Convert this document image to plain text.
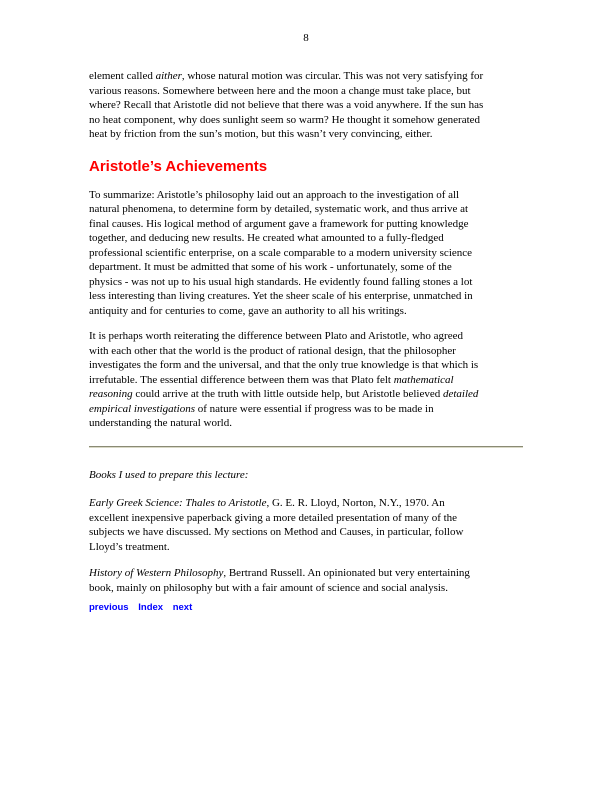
8
element called aither, whose natural motion was circular. This was not very satisfying for
various reasons. Somewhere between here and the moon a change must take place, but
where? Recall that Aristotle did not believe that there was a void anywhere. If the sun has
no heat component, why does sunlight seem so warm? He thought it somehow generated
heat by friction from the sun’s motion, but this wasn’t very convincing, either.
Aristotle’s Achievements
To summarize: Aristotle’s philosophy laid out an approach to the investigation of all
natural phenomena, to determine form by detailed, systematic work, and thus arrive at
final causes. His logical method of argument gave a framework for putting knowledge
together, and deducing new results. He created what amounted to a fully-fledged
professional scientific enterprise, on a scale comparable to a modern university science
department. It must be admitted that some of his work - unfortunately, some of the
physics - was not up to his usual high standards. He evidently found falling stones a lot
less interesting than living creatures. Yet the sheer scale of his enterprise, unmatched in
antiquity and for centuries to come, gave an authority to all his writings.
It is perhaps worth reiterating the difference between Plato and Aristotle, who agreed
with each other that the world is the product of rational design, that the philosopher
investigates the form and the universal, and that the only true knowledge is that which is
irrefutable. The essential difference between them was that Plato felt mathematical
reasoning could arrive at the truth with little outside help, but Aristotle believed detailed
empirical investigations of nature were essential if progress was to be made in
understanding the natural world.
Books I used to prepare this lecture:
Early Greek Science: Thales to Aristotle, G. E. R. Lloyd, Norton, N.Y., 1970. An
excellent inexpensive paperback giving a more detailed presentation of many of the
subjects we have discussed. My sections on Method and Causes, in particular, follow
Lloyd’s treatment.
History of Western Philosophy, Bertrand Russell. An opinionated but very entertaining
book, mainly on philosophy but with a fair amount of science and social analysis.
previous Index next
